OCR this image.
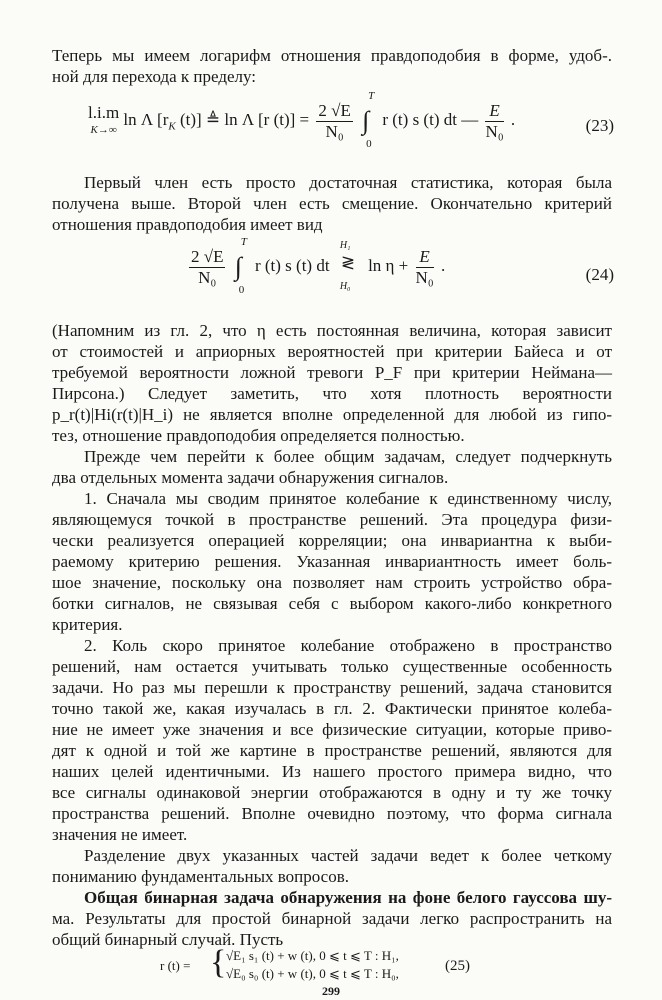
Теперь мы имеем логарифм отношения правдоподобия в форме, удоб-.
ной для перехода к пределу:
l.i.m
K→∞ ln Λ [$r_K$ (t)] ≜ ln Λ [r $(t)] = \frac{2 √E}{\text{N₀}}$

T
∫
0
r (t) s (t) dt — $\frac{E}{\text{N₀}}$ .	(23)
Первый член есть просто достаточная статистика, которая была
получена выше. Второй член есть смещение. Окончательно критерий
отношения правдоподобия имеет вид
$\frac{2 √E}{\text{N₀}}$

T
∫
0
r (t) s (t) dt
H₁
≷
H₀
$\ln \eta + \frac{E}{\text{N₀}}$ .	(24)
(Напомним из гл. 2, что η есть постоянная величина, которая зависит
от стоимостей и априорных вероятностей при критерии Байеса и от
требуемой вероятности ложной тревоги P_F при критерии Неймана—
Пирсона.) Следует заметить, что хотя плотность вероятности
p_r(t)|Hi(r(t)|H_i) не является вполне определенной для любой из гипо-
тез, отношение правдоподобия определяется полностью.
Прежде чем перейти к более общим задачам, следует подчеркнуть
два отдельных момента задачи обнаружения сигналов.
1. Сначала мы сводим принятое колебание к единственному числу,
являющемуся точкой в пространстве решений. Эта процедура физи-
чески реализуется операцией корреляции; она инвариантна к выби-
раемому критерию решения. Указанная инвариантность имеет боль-
шое значение, поскольку она позволяет нам строить устройство обра-
ботки сигналов, не связывая себя с выбором какого-либо конкретного
критерия.
2. Коль скоро принятое колебание отображено в пространство
решений, нам остается учитывать только существенные особенность
задачи. Но раз мы перешли к пространству решений, задача становится
точно такой же, какая изучалась в гл. 2. Фактически принятое колеба-
ние не имеет уже значения и все физические ситуации, которые приво-
дят к одной и той же картине в пространстве решений, являются для
наших целей идентичными. Из нашего простого примера видно, что
все сигналы одинаковой энергии отображаются в одну и ту же точку
пространства решений. Вполне очевидно поэтому, что форма сигнала
значения не имеет.
Разделение двух указанных частей задачи ведет к более четкому
пониманию фундаментальных вопросов.
Общая бинарная задача обнаружения на фоне белого гауссова шу-
ма. Результаты для простой бинарной задачи легко распространить на
299
общий бинарный случай. Пусть
r (t) = { √E₁ s₁ (t) + w (t), 0 ⩽ t ⩽ T : H₁,
√E₀ s₀ (t) + w (t), 0 ⩽ t ⩽ T : H₀,	(25)
